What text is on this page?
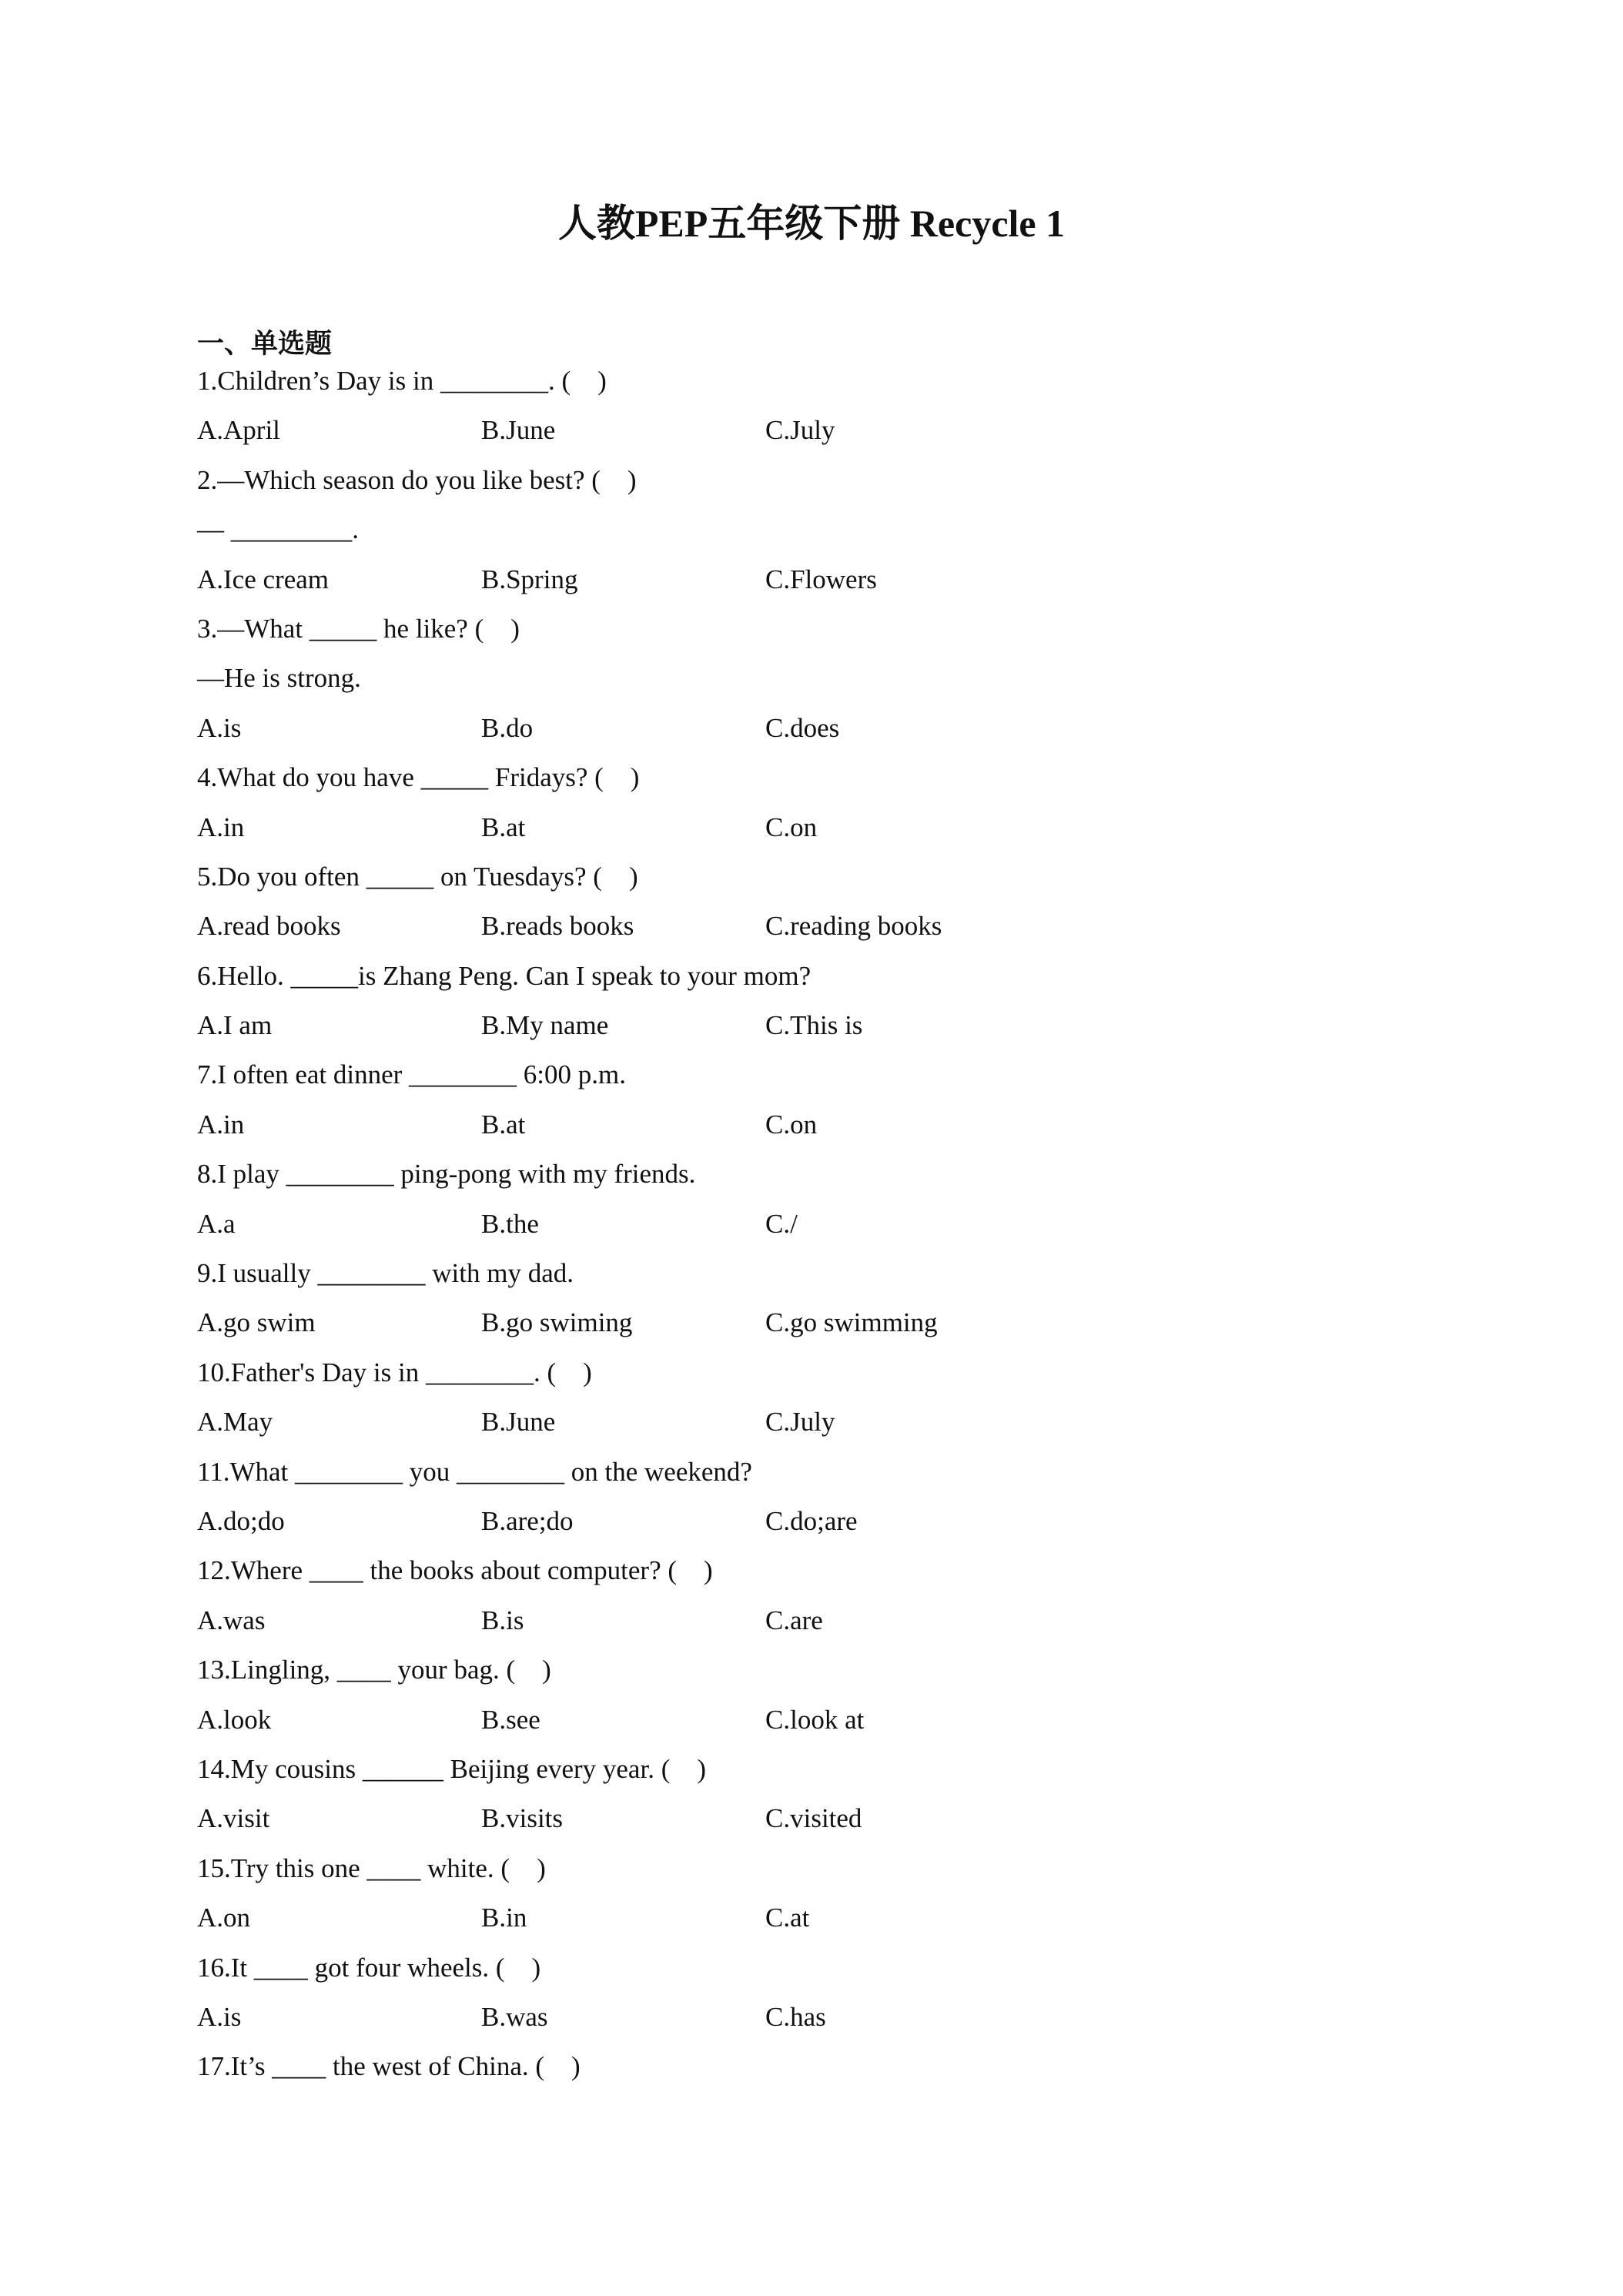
人教PEP五年级下册 Recycle 1
一、单选题
1.Children’s Day is in ________. (    )
A.April	B.June	C.July
2.—Which season do you like best? (    )
— _________.
A.Ice cream	B.Spring	C.Flowers
3.—What _____ he like? (    )
—He is strong.
A.is	B.do	C.does
4.What do you have _____ Fridays? (    )
A.in	B.at	C.on
5.Do you often _____ on Tuesdays? (    )
A.read books	B.reads books	C.reading books
6.Hello. _____is Zhang Peng. Can I speak to your mom?
A.I am	B.My name	C.This is
7.I often eat dinner ________ 6:00 p.m.
A.in	B.at	C.on
8.I play ________ ping-pong with my friends.
A.a	B.the	C./
9.I usually ________ with my dad.
A.go swim	B.go swiming	C.go swimming
10.Father's Day is in ________. (    )
A.May	B.June	C.July
11.What ________ you ________ on the weekend?
A.do;do	B.are;do	C.do;are
12.Where ____ the books about computer? (    )
A.was	B.is	C.are
13.Lingling, ____ your bag. (    )
A.look	B.see	C.look at
14.My cousins ______ Beijing every year. (    )
A.visit	B.visits	C.visited
15.Try this one ____ white. (    )
A.on	B.in	C.at
16.It ____ got four wheels. (    )
A.is	B.was	C.has
17.It’s ____ the west of China. (    )
